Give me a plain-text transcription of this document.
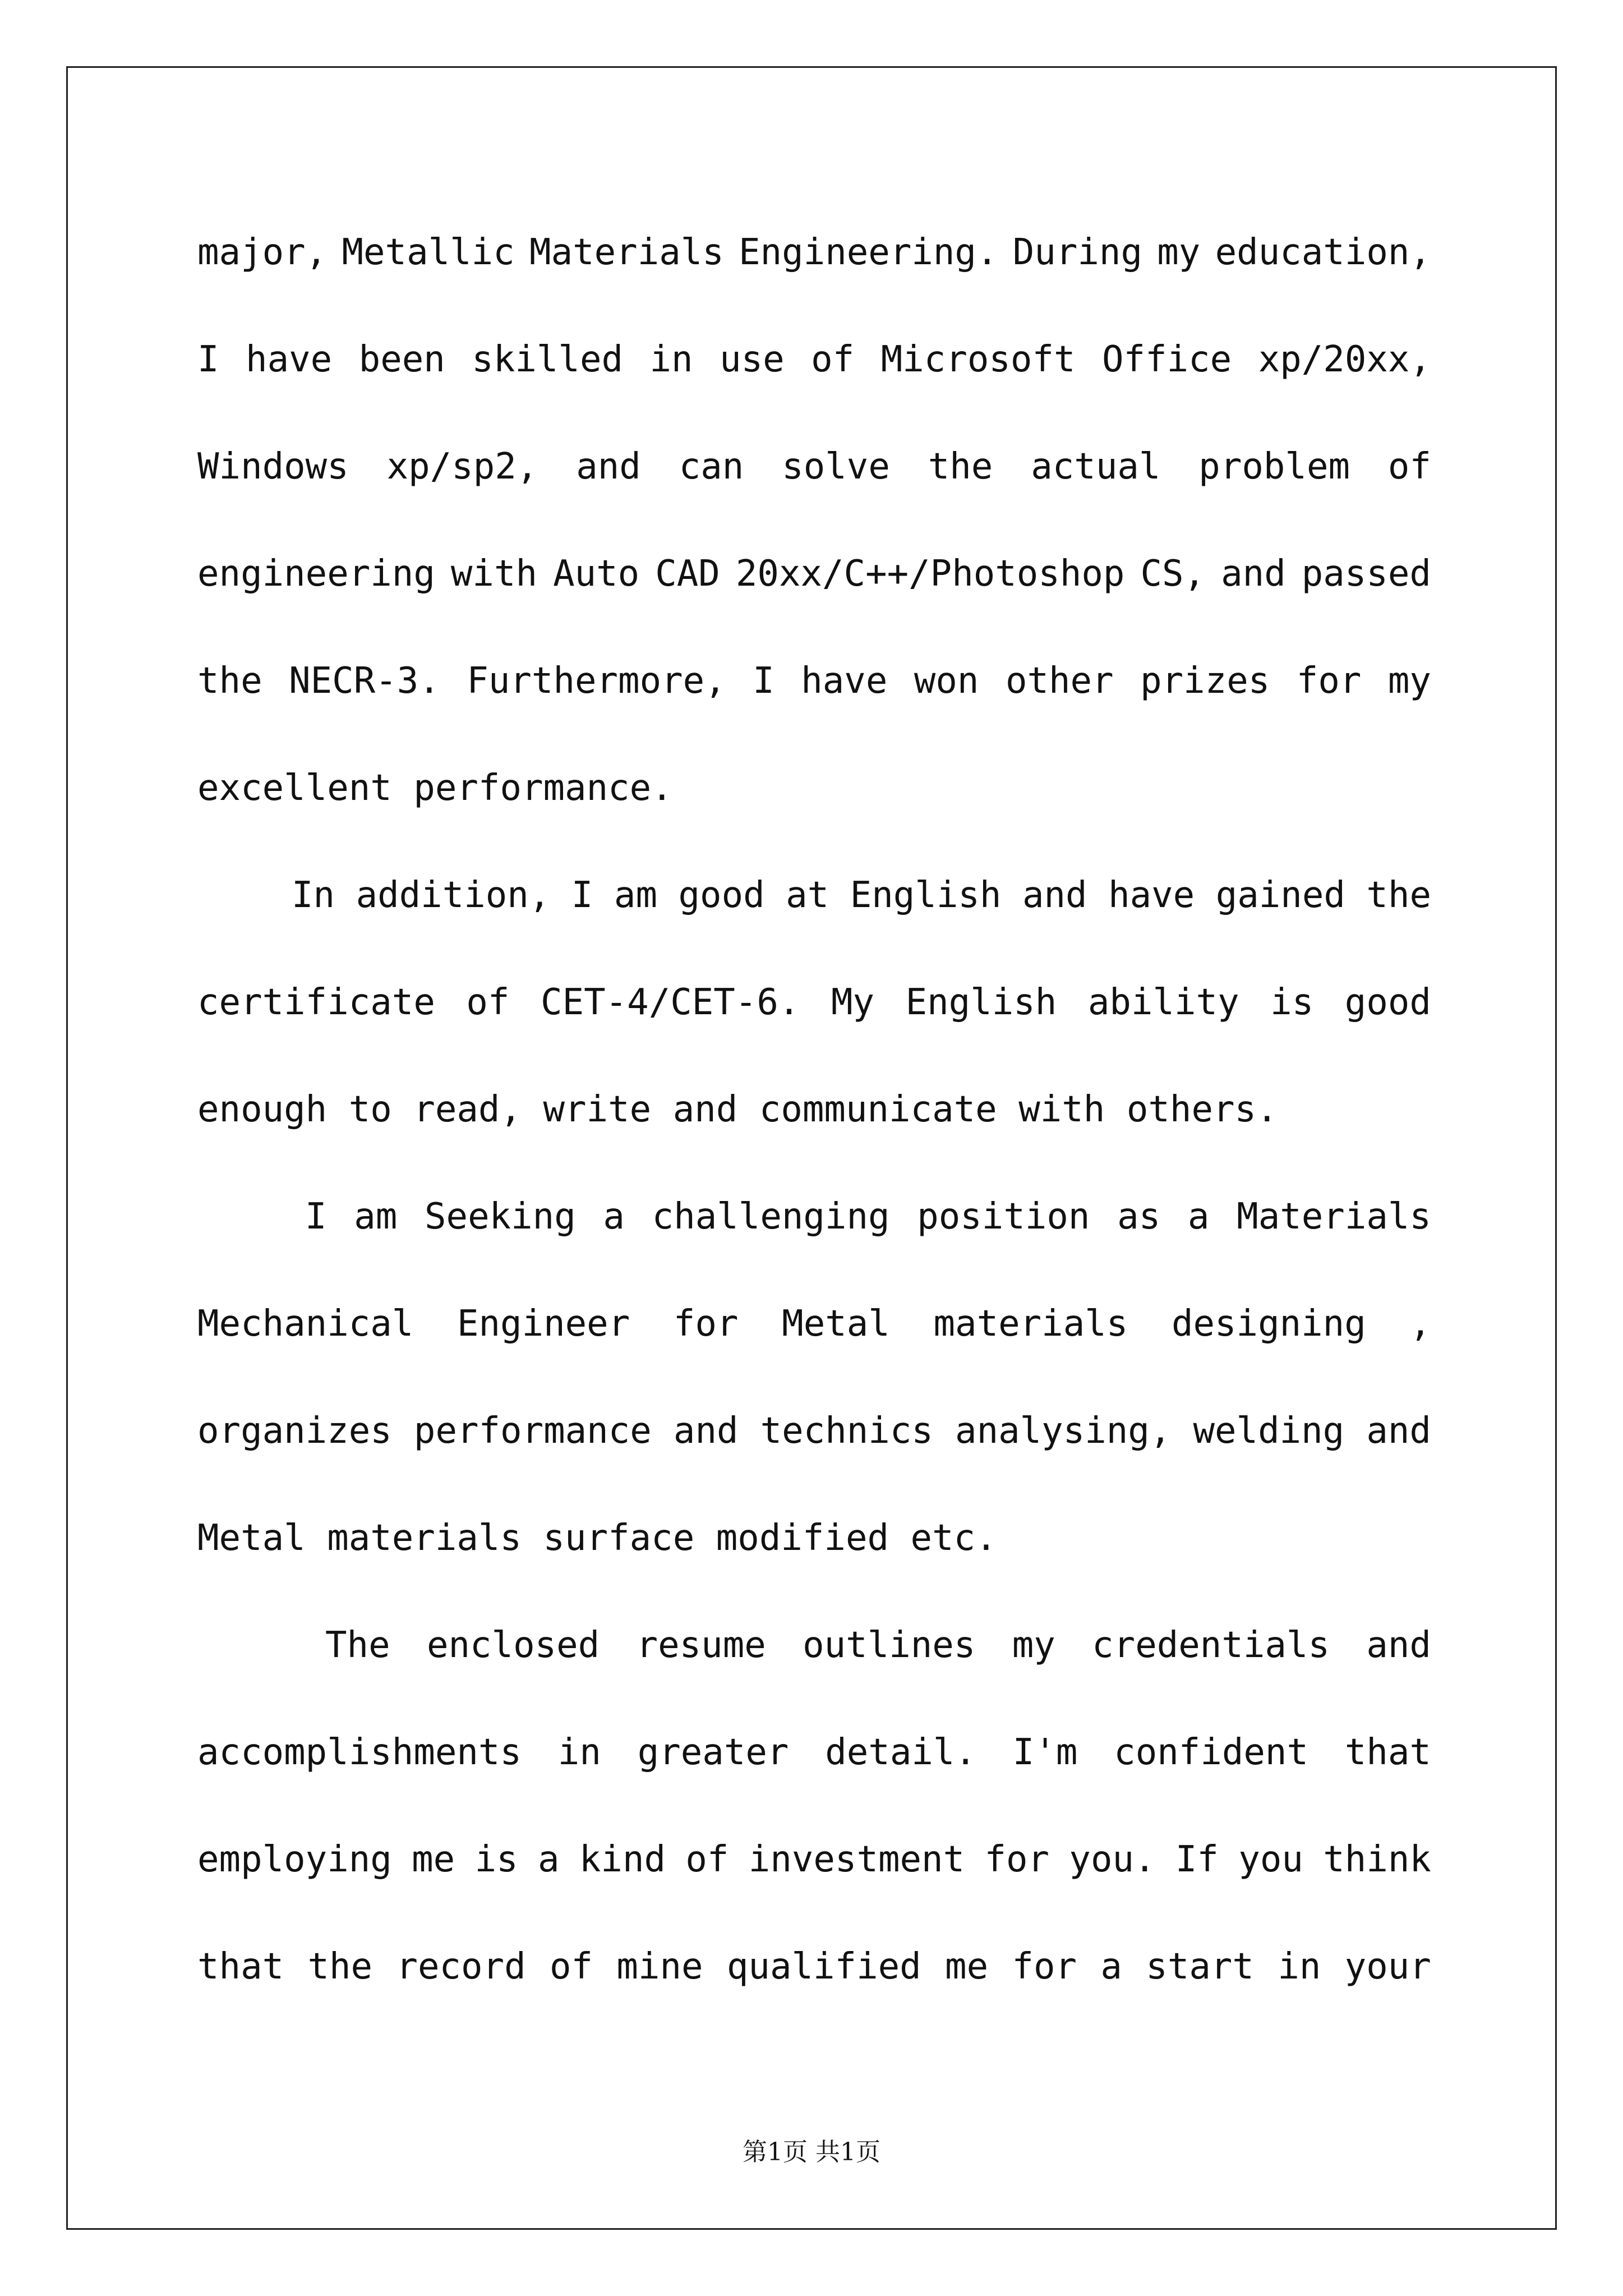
major, Metallic Materials Engineering. During my education,
I have been skilled in use of Microsoft Office xp/20xx,
Windows xp/sp2, and can solve the actual problem of
engineering with Auto CAD 20xx/C++/Photoshop CS, and passed
the NECR-3. Furthermore, I have won other prizes for my
excellent performance.
In addition, I am good at English and have gained the
certificate of CET-4/CET-6. My English ability is good
enough to read, write and communicate with others.
I am Seeking a challenging position as a Materials
Mechanical Engineer for Metal materials designing ,
organizes performance and technics analysing, welding and
Metal materials surface modified etc.
The enclosed resume outlines my credentials and
accomplishments in greater detail. I'm confident that
employing me is a kind of investment for you. If you think
that the record of mine qualified me for a start in your
第1页 共1页
